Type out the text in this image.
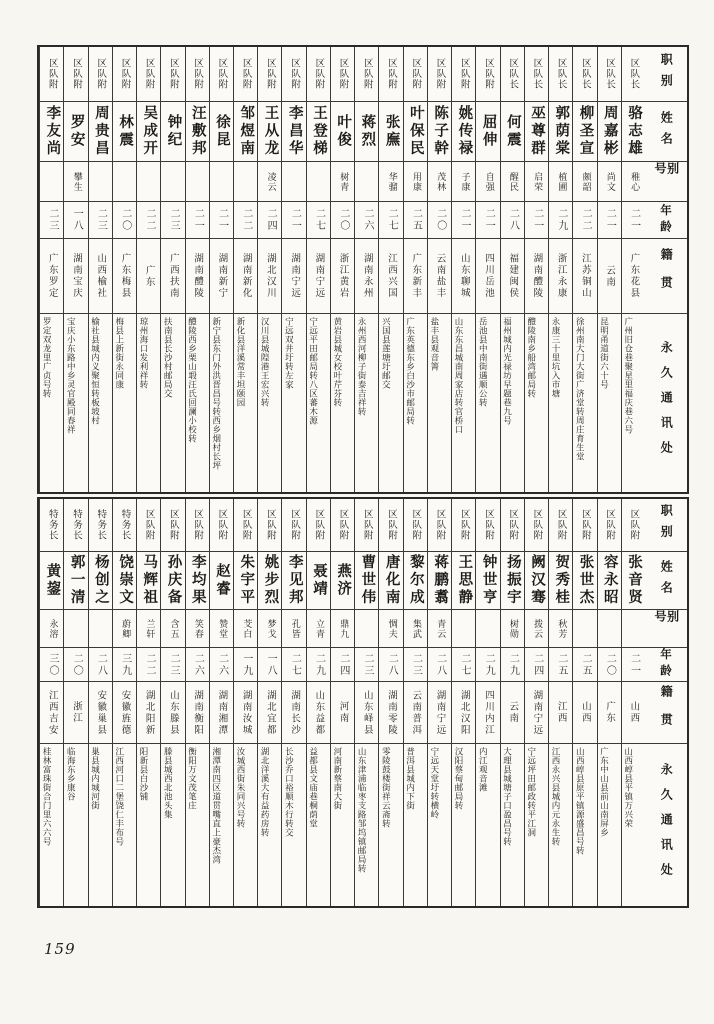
职别
姓名
别号
年龄
籍贯
永久通讯处
区队长
骆志雄
稚心
二一
广东花县
广州旧仓巷聚星里福庆巷六号
区队长
周嘉彬
尚文
二一
云南
昆明甬道街六十号
区队长
柳圣宣
颇韶
二二
江苏铜山
徐州南大门大街广济堂转周庄育生堂
区队长
郭荫棠
植圃
二九
浙江永康
永康三十里坑入市塘
区队长
巫尊群
启荣
二一
湖南醴陵
醴陵南乡船湾邮局转
区队长
何震
醒民
二八
福建闽侯
福州城内光禄坊早题巷九号
区队附
屈伸
自强
二一
四川岳池
岳池县中南街遇顺公转
区队附
姚传禄
子康
二一
山东聊城
山东东昌城南周家店转官桥口
区队附
陈子幹
茂林
二〇
云南盐丰
盐丰县观音箐
区队附
叶保民
用康
二五
广东新丰
广东英德东乡白沙市邮局转
区队附
张廡
华骝
二七
江西兴国
兴国县莲塘圩邮交
区队附
蒋烈
二六
湖南永州
永州西河柳子街泰吉祥转
区队附
叶俊
树青
二〇
浙江黄岩
黄岩县城女校叶芹芬转
区队附
王登梯
二七
湖南宁远
宁远平田邮局转八区蕃木源
区队附
李昌华
二一
湖南宁远
宁远双井圩转左家
区队附
王从龙
凌云
二四
湖北汉川
汉川县城隍港王宏兴转
区队附
邹煜南
二二
湖南新化
新化县洋溪常丰坦颐园
区队附
徐昆
二一
湖南新宁
新宁县东门外洪晋昌号转西乡烟村长坪
区队附
汪敷邦
二一
湖南醴陵
醴陵西乡栗山塅汪氏回澜小校转
区队附
钟纪
二三
广西扶南
扶南县长沙村邮局交
区队附
吴成开
二二
广东
琼州海口发利祥转
区队附
林震
二〇
广东梅县
梅县上新街永同康
区队附
周贵昌
二三
山西榆社
榆社县城内义聚恒转板坡村
区队附
罗安
攀生
一八
湖南宝庆
宝庆小东路中乡灵官殿同春祥
区队附
李友尚
二三
广东罗定
罗定双龙里广贞号转
职别
姓名
别号
年龄
籍贯
永久通讯处
区队附
张音贤
二一
山西
山西崞县平镇万兴荣
区队附
容永昭
二〇
广东
广东中山县前山南屏乡
区队附
张世杰
二五
山西
山西崞县原平镇源盛昌号转
区队附
贺秀桂
秋芳
二五
江西
江西永兴县城内元永生转
区队附
阙汉骞
拨云
二四
湖南宁远
宁远坪田邮政转平江洞
区队附
扬振宇
树勋
二九
云南
大理县城塘子口盈昌号转
区队附
钟世亨
二九
四川内江
内江观音滩
区队附
王思静
二七
湖北汉阳
汉阳蔡甸邮局转
区队附
蒋鹏翥
青云
二八
湖南宁远
宁远天堂圩转横岭
区队附
黎尔成
集武
二三
云南普洱
普洱县城内下街
区队附
唐化南
惆夫
二八
湖南零陵
零陵鼓楼街祥云斋转
区队附
曹世伟
二三
山东峄县
山东津浦临枣支路邹坞镇邮局转
区队附
燕济
鼎九
二四
河南
河南新蔡南大街
区队附
聂靖
立青
二九
山东益都
益都县文庙巷桐荫堂
区队附
李见邦
孔皆
二七
湖南长沙
长沙乔口裕顺木行转交
区队附
姚步烈
梦戈
一八
湖北宜都
湖北洋溪大有益药房转
区队附
朱宇平
芠白
一九
湖南汝城
汝城西街朱同兴号转
区队附
赵睿
赞堂
二六
湖南湘潭
湘潭南四区道贯嘴直上豪杰湾
区队附
李均果
笑春
二六
湖南衡阳
衡阳万文茂笔庄
区队附
孙庆备
含五
二三
山东滕县
滕县城西北池头集
区队附
马辉祖
兰轩
二二
湖北阳新
阳新县白沙铺
特务长
饶崇文
蔚卿
三九
安徽旌德
江西河口二堡饶仁丰布号
特务长
杨创之
二八
安徽巢县
巢县城内城河街
特务长
郭一清
二〇
浙江
临海东乡康谷
特务长
黄鋆
永溶
三〇
江西吉安
桂林富珠街合门里六六号
159
